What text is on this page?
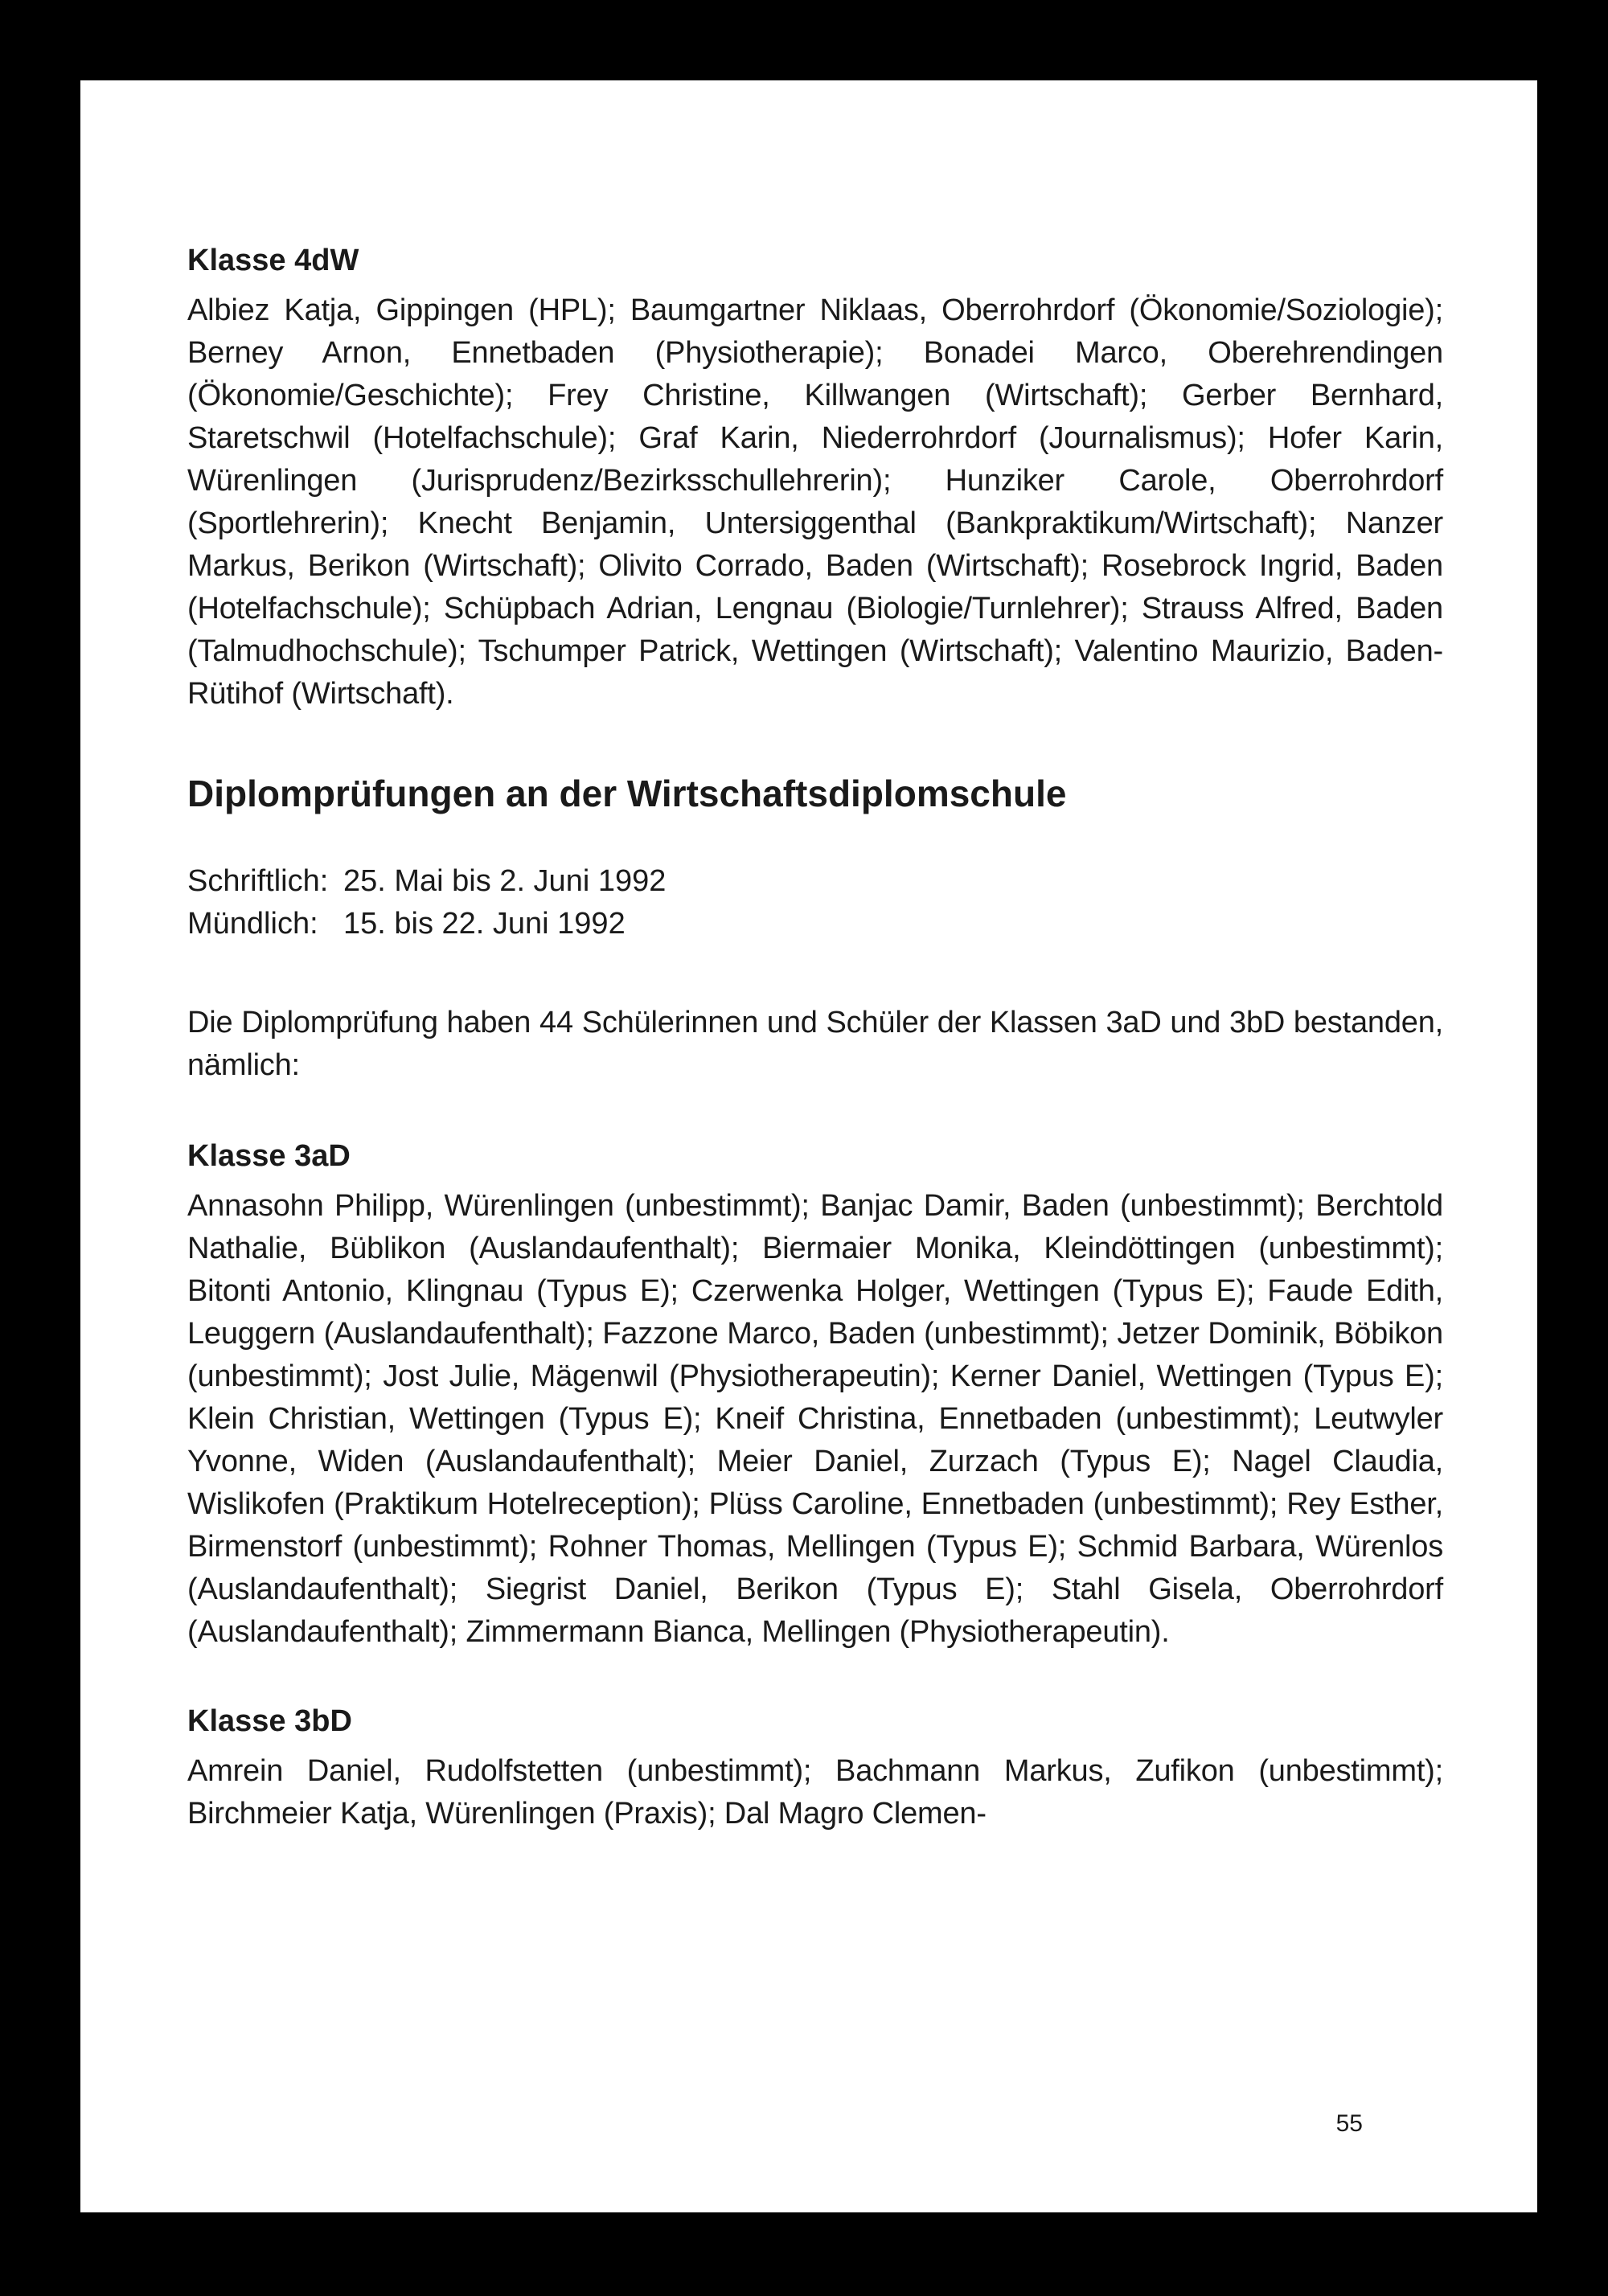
Klasse 4dW

Albiez Katja, Gippingen (HPL); Baumgartner Niklaas, Oberrohrdorf (Ökonomie/Soziologie); Berney Arnon, Ennetbaden (Physiotherapie); Bonadei Marco, Oberehrendingen (Ökonomie/Geschichte); Frey Christine, Killwangen (Wirtschaft); Gerber Bernhard, Staretschwil (Hotelfachschule); Graf Karin, Niederrohrdorf (Journalismus); Hofer Karin, Würenlingen (Jurisprudenz/Bezirksschullehrerin); Hunziker Carole, Oberrohrdorf (Sportlehrerin); Knecht Benjamin, Untersiggenthal (Bankpraktikum/Wirtschaft); Nanzer Markus, Berikon (Wirtschaft); Olivito Corrado, Baden (Wirtschaft); Rosebrock Ingrid, Baden (Hotelfachschule); Schüpbach Adrian, Lengnau (Biologie/Turnlehrer); Strauss Alfred, Baden (Talmudhochschule); Tschumper Patrick, Wettingen (Wirtschaft); Valentino Maurizio, Baden-Rütihof (Wirtschaft).

Diplomprüfungen an der Wirtschaftsdiplomschule
Schriftlich: 25. Mai bis 2. Juni 1992
Mündlich: 15. bis 22. Juni 1992

Die Diplomprüfung haben 44 Schülerinnen und Schüler der Klassen 3aD und 3bD bestanden, nämlich:

Klasse 3aD

Annasohn Philipp, Würenlingen (unbestimmt); Banjac Damir, Baden (unbestimmt); Berchtold Nathalie, Büblikon (Auslandaufenthalt); Biermaier Monika, Kleindöttingen (unbestimmt); Bitonti Antonio, Klingnau (Typus E); Czerwenka Holger, Wettingen (Typus E); Faude Edith, Leuggern (Auslandaufenthalt); Fazzone Marco, Baden (unbestimmt); Jetzer Dominik, Böbikon (unbestimmt); Jost Julie, Mägenwil (Physiotherapeutin); Kerner Daniel, Wettingen (Typus E); Klein Christian, Wettingen (Typus E); Kneif Christina, Ennetbaden (unbestimmt); Leutwyler Yvonne, Widen (Auslandaufenthalt); Meier Daniel, Zurzach (Typus E); Nagel Claudia, Wislikofen (Praktikum Hotelreception); Plüss Caroline, Ennetbaden (unbestimmt); Rey Esther, Birmenstorf (unbestimmt); Rohner Thomas, Mellingen (Typus E); Schmid Barbara, Würenlos (Auslandaufenthalt); Siegrist Daniel, Berikon (Typus E); Stahl Gisela, Oberrohrdorf (Auslandaufenthalt); Zimmermann Bianca, Mellingen (Physiotherapeutin).

Klasse 3bD

Amrein Daniel, Rudolfstetten (unbestimmt); Bachmann Markus, Zufikon (unbestimmt); Birchmeier Katja, Würenlingen (Praxis); Dal Magro Clemen-

55
